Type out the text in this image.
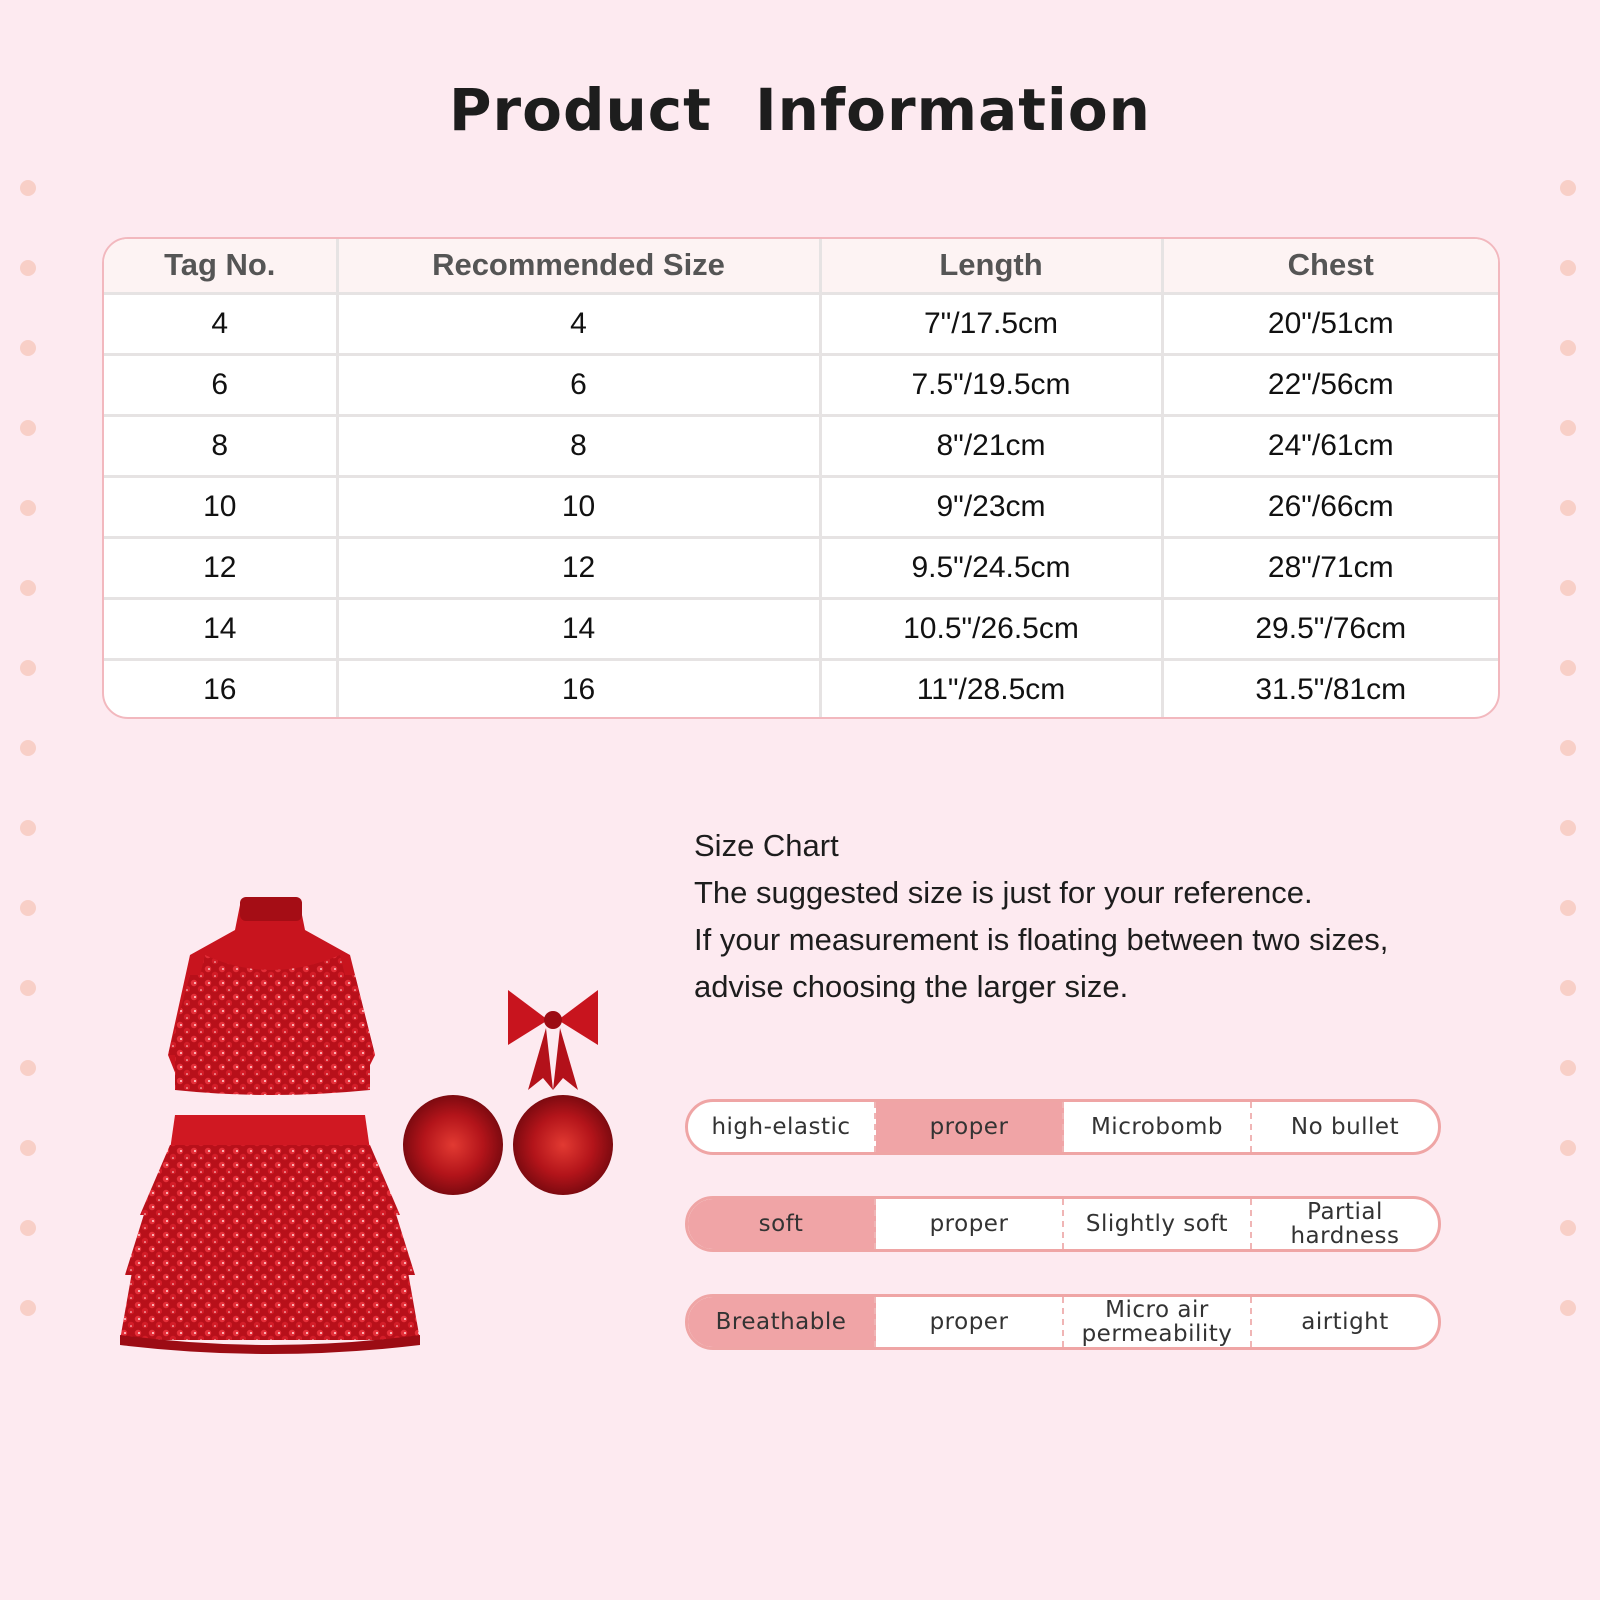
Product Information
Tag No.	Recommended Size	Length	Chest
4	4	7"/17.5cm	20"/51cm
6	6	7.5"/19.5cm	22"/56cm
8	8	8"/21cm	24"/61cm
10	10	9"/23cm	26"/66cm
12	12	9.5"/24.5cm	28"/71cm
14	14	10.5"/26.5cm	29.5"/76cm
16	16	11"/28.5cm	31.5"/81cm

Size Chart

The suggested size is just for your reference.

If your measurement is floating between two sizes,

advise choosing the larger size.

high-elastic	proper	Microbomb	No bullet
soft	proper	Slightly soft	Partial hardness
Breathable	proper	Micro air permeability	airtight
